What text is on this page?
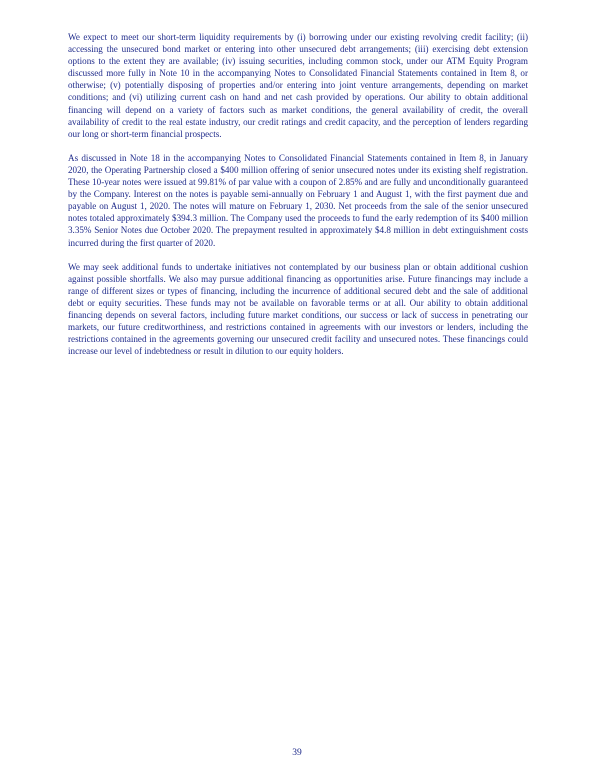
We expect to meet our short-term liquidity requirements by (i) borrowing under our existing revolving credit facility; (ii) accessing the unsecured bond market or entering into other unsecured debt arrangements; (iii) exercising debt extension options to the extent they are available; (iv) issuing securities, including common stock, under our ATM Equity Program discussed more fully in Note 10 in the accompanying Notes to Consolidated Financial Statements contained in Item 8, or otherwise; (v) potentially disposing of properties and/or entering into joint venture arrangements, depending on market conditions; and (vi) utilizing current cash on hand and net cash provided by operations. Our ability to obtain additional financing will depend on a variety of factors such as market conditions, the general availability of credit, the overall availability of credit to the real estate industry, our credit ratings and credit capacity, and the perception of lenders regarding our long or short-term financial prospects.

As discussed in Note 18 in the accompanying Notes to Consolidated Financial Statements contained in Item 8, in January 2020, the Operating Partnership closed a $400 million offering of senior unsecured notes under its existing shelf registration. These 10-year notes were issued at 99.81% of par value with a coupon of 2.85% and are fully and unconditionally guaranteed by the Company. Interest on the notes is payable semi-annually on February 1 and August 1, with the first payment due and payable on August 1, 2020. The notes will mature on February 1, 2030. Net proceeds from the sale of the senior unsecured notes totaled approximately $394.3 million. The Company used the proceeds to fund the early redemption of its $400 million 3.35% Senior Notes due October 2020. The prepayment resulted in approximately $4.8 million in debt extinguishment costs incurred during the first quarter of 2020.

We may seek additional funds to undertake initiatives not contemplated by our business plan or obtain additional cushion against possible shortfalls. We also may pursue additional financing as opportunities arise. Future financings may include a range of different sizes or types of financing, including the incurrence of additional secured debt and the sale of additional debt or equity securities. These funds may not be available on favorable terms or at all. Our ability to obtain additional financing depends on several factors, including future market conditions, our success or lack of success in penetrating our markets, our future creditworthiness, and restrictions contained in agreements with our investors or lenders, including the restrictions contained in the agreements governing our unsecured credit facility and unsecured notes. These financings could increase our level of indebtedness or result in dilution to our equity holders.

39
